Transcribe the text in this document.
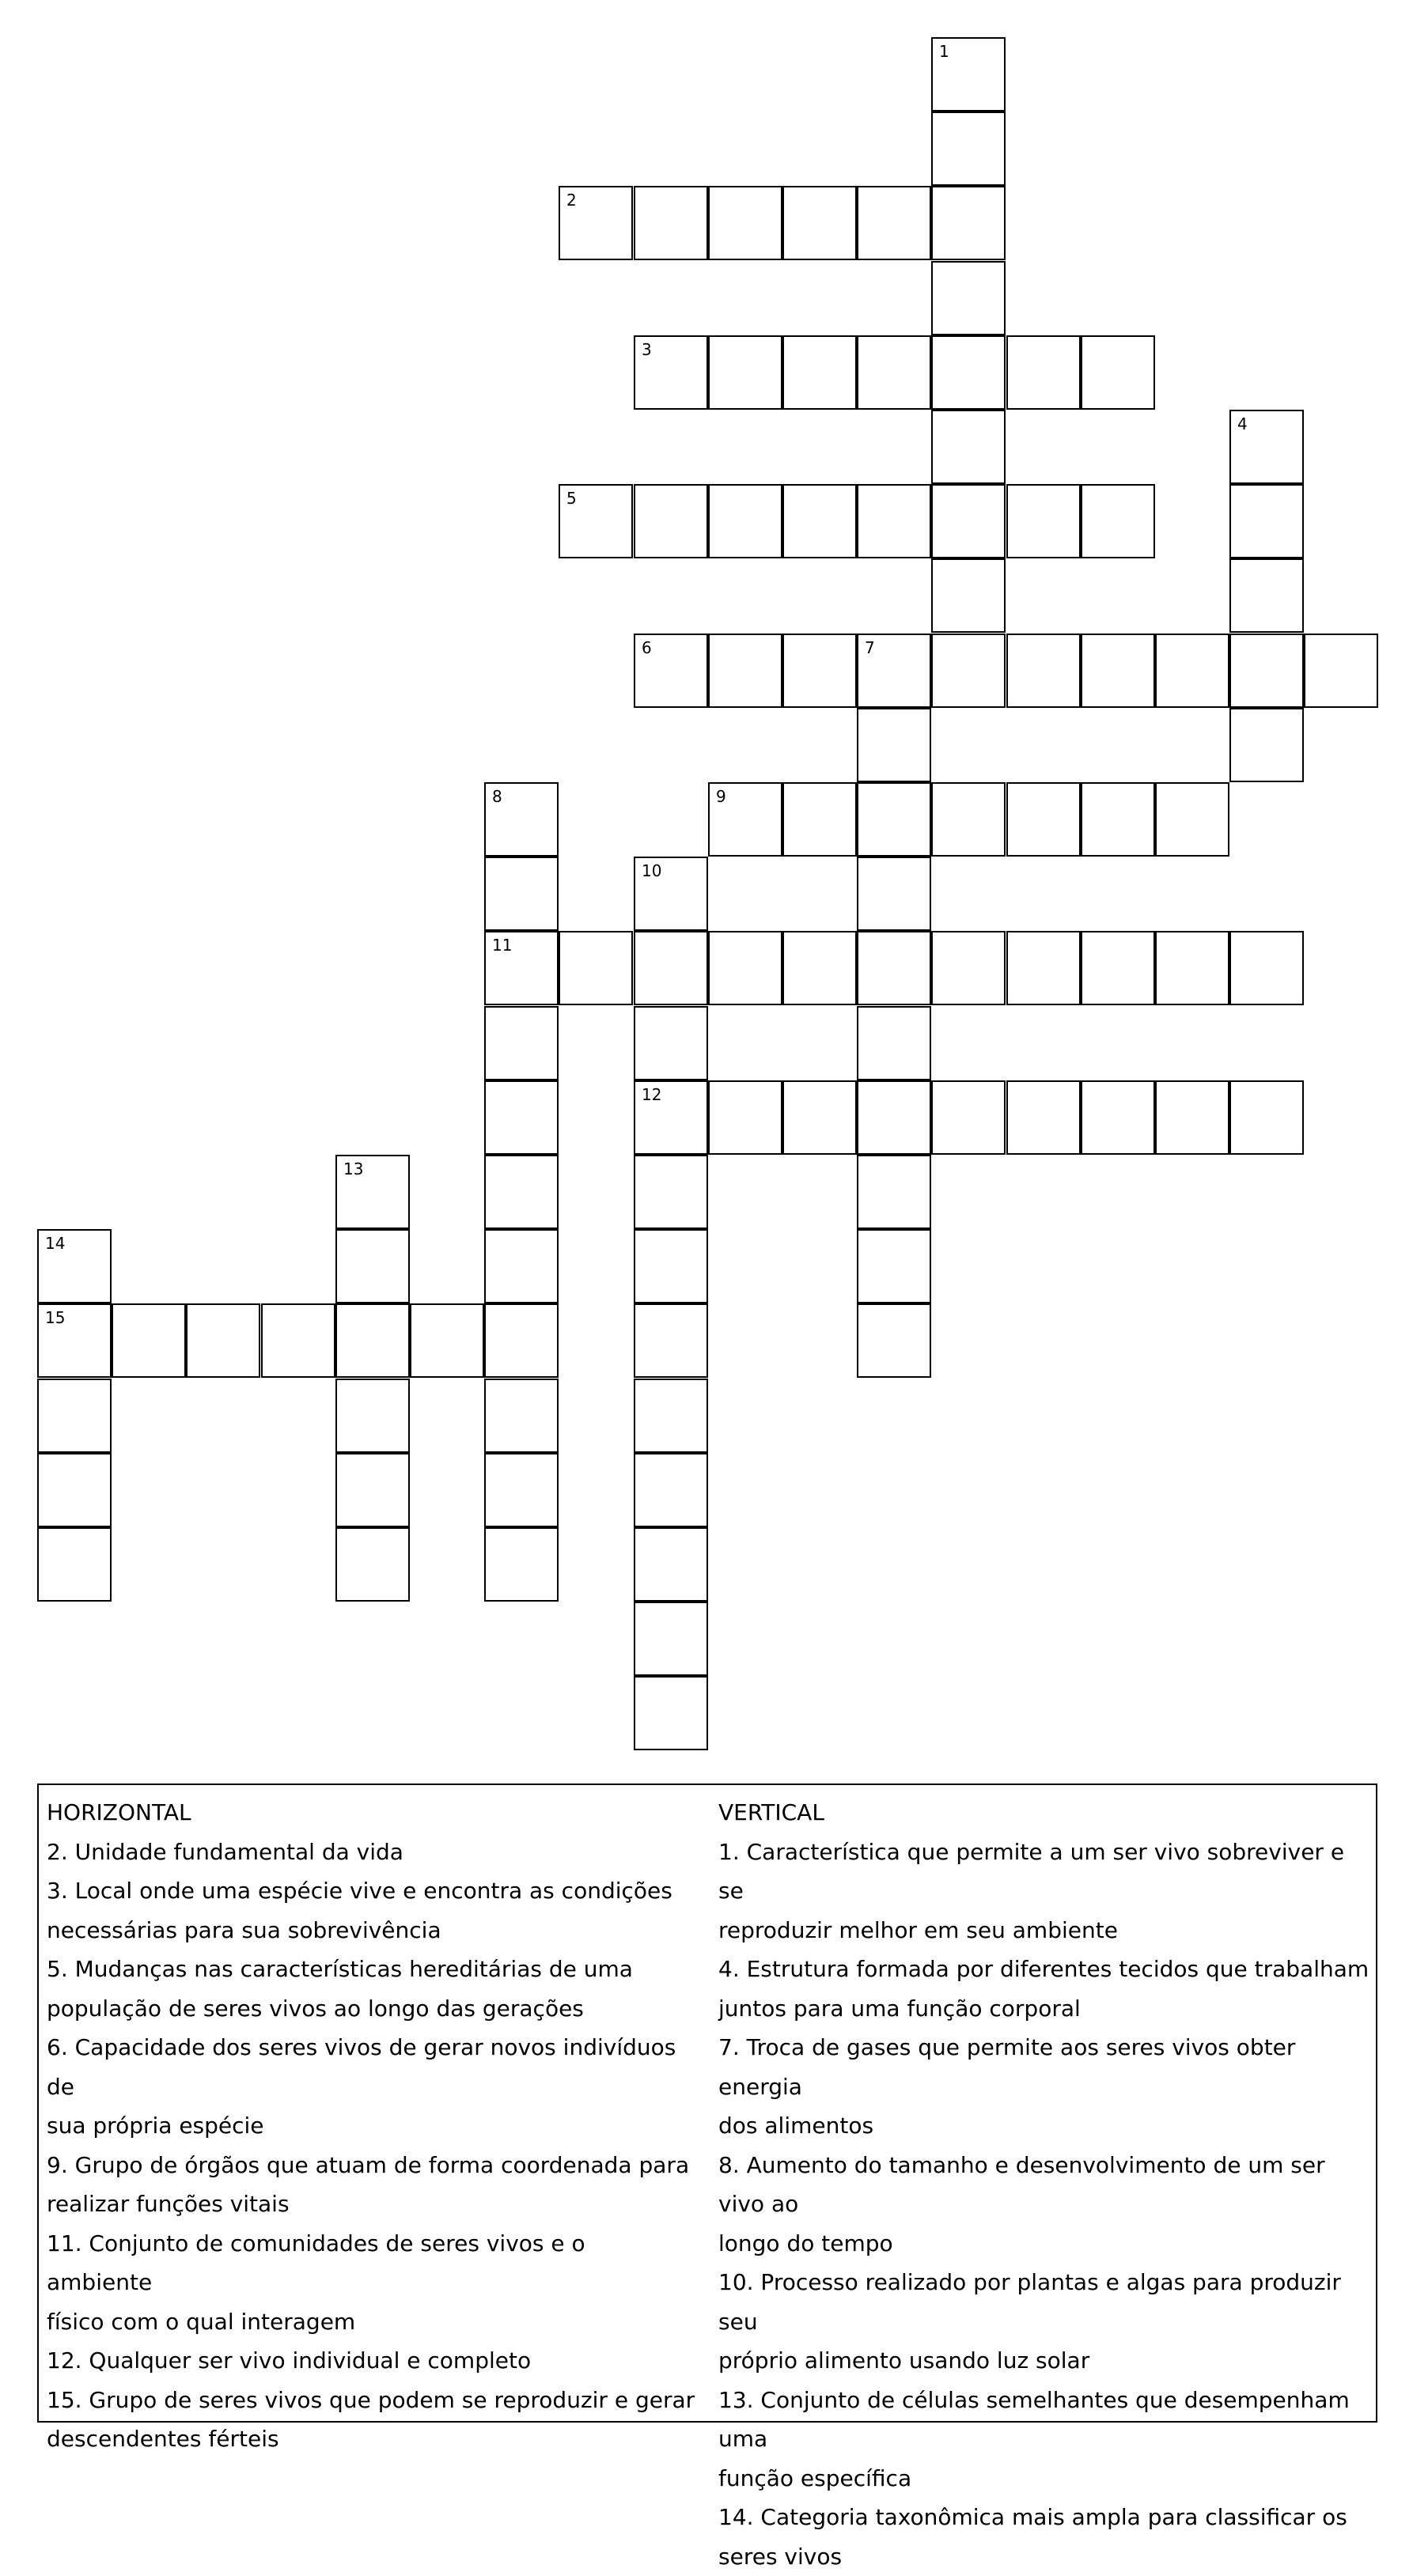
1
2
3
4
5
6	7
8
11
9
10
12
13
14
15

HORIZONTAL

2. Unidade fundamental da vida

3. Local onde uma espécie vive e encontra as condições

necessárias para sua sobrevivência

5. Mudanças nas características hereditárias de uma

população de seres vivos ao longo das gerações

6. Capacidade dos seres vivos de gerar novos indivíduos de

sua própria espécie

9. Grupo de órgãos que atuam de forma coordenada para

realizar funções vitais

11. Conjunto de comunidades de seres vivos e o ambiente

físico com o qual interagem

12. Qualquer ser vivo individual e completo

15. Grupo de seres vivos que podem se reproduzir e gerar

descendentes férteis

VERTICAL

1. Característica que permite a um ser vivo sobreviver e se

reproduzir melhor em seu ambiente

4. Estrutura formada por diferentes tecidos que trabalham

juntos para uma função corporal

7. Troca de gases que permite aos seres vivos obter energia

dos alimentos

8. Aumento do tamanho e desenvolvimento de um ser vivo ao

longo do tempo

10. Processo realizado por plantas e algas para produzir seu

próprio alimento usando luz solar

13. Conjunto de células semelhantes que desempenham uma

função específica

14. Categoria taxonômica mais ampla para classificar os

seres vivos
